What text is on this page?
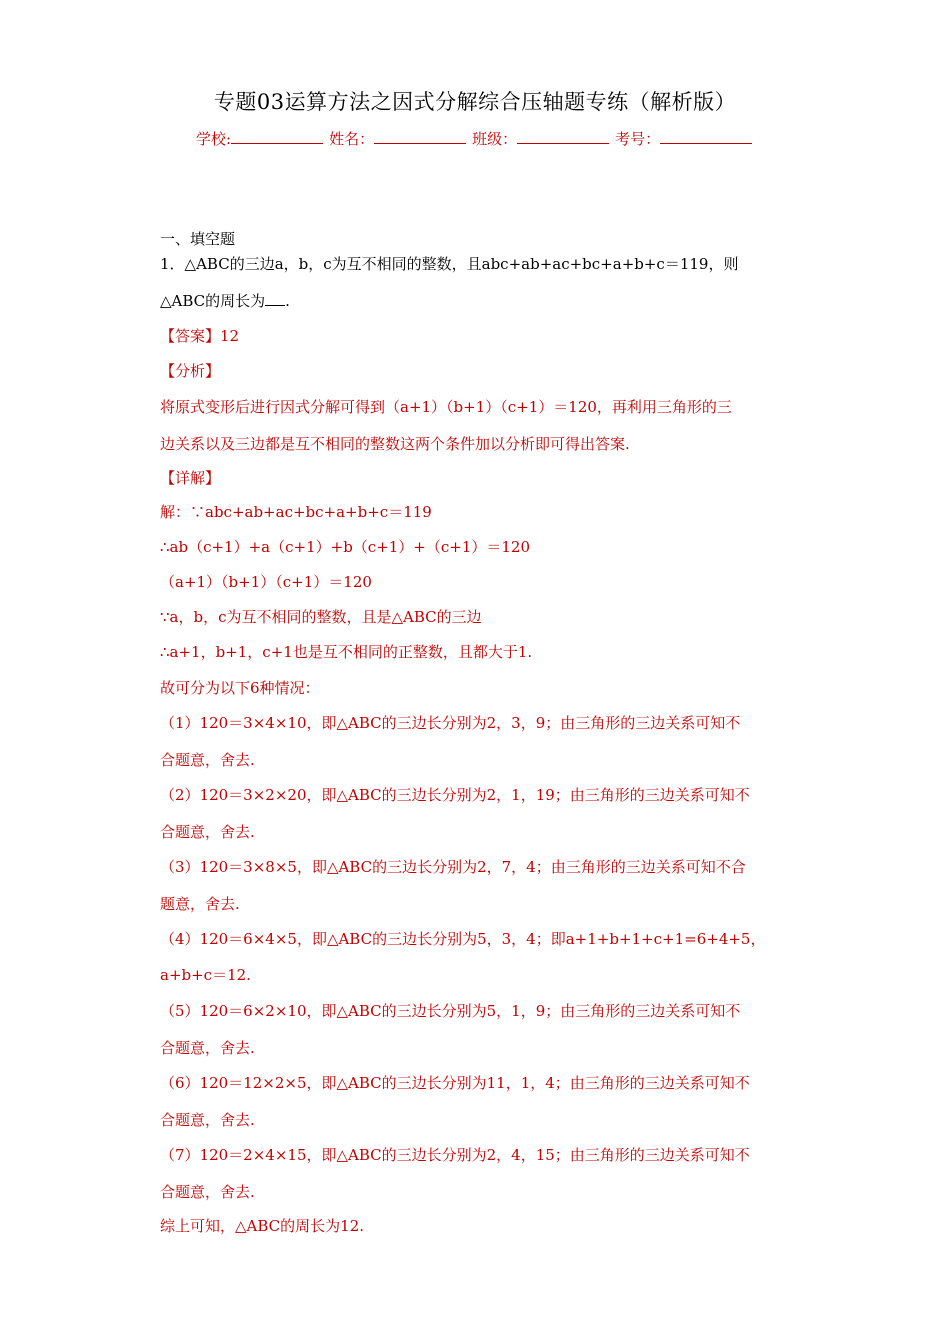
专题03运算方法之因式分解综合压轴题专练（解析版）
学校:	姓名：	班级：	考号：
一、填空题
1．△ABC的三边a，b，c为互不相同的整数，且abc+ab+ac+bc+a+b+c＝119，则
△ABC的周长为 .
【答案】12
【分析】
将原式变形后进行因式分解可得到（a+1）（b+1）（c+1）＝120，再利用三角形的三
边关系以及三边都是互不相同的整数这两个条件加以分析即可得出答案.
【详解】
解：∵abc+ab+ac+bc+a+b+c＝119
∴ab（c+1）+a（c+1）+b（c+1）+（c+1）＝120
（a+1）（b+1）（c+1）＝120
∵a，b，c为互不相同的整数，且是△ABC的三边
∴a+1，b+1，c+1也是互不相同的正整数，且都大于1.
故可分为以下6种情况：
（1）120＝3×4×10，即△ABC的三边长分别为2，3，9；由三角形的三边关系可知不
合题意，舍去.
（2）120＝3×2×20，即△ABC的三边长分别为2，1，19；由三角形的三边关系可知不
合题意，舍去.
（3）120＝3×8×5，即△ABC的三边长分别为2，7，4；由三角形的三边关系可知不合
题意，舍去.
（4）120＝6×4×5，即△ABC的三边长分别为5，3，4；即a+1+b+1+c+1=6+4+5，
a+b+c＝12.
（5）120＝6×2×10，即△ABC的三边长分别为5，1，9；由三角形的三边关系可知不
合题意，舍去.
（6）120＝12×2×5，即△ABC的三边长分别为11，1，4；由三角形的三边关系可知不
合题意，舍去.
（7）120＝2×4×15，即△ABC的三边长分别为2，4，15；由三角形的三边关系可知不
合题意，舍去.
综上可知，△ABC的周长为12.
